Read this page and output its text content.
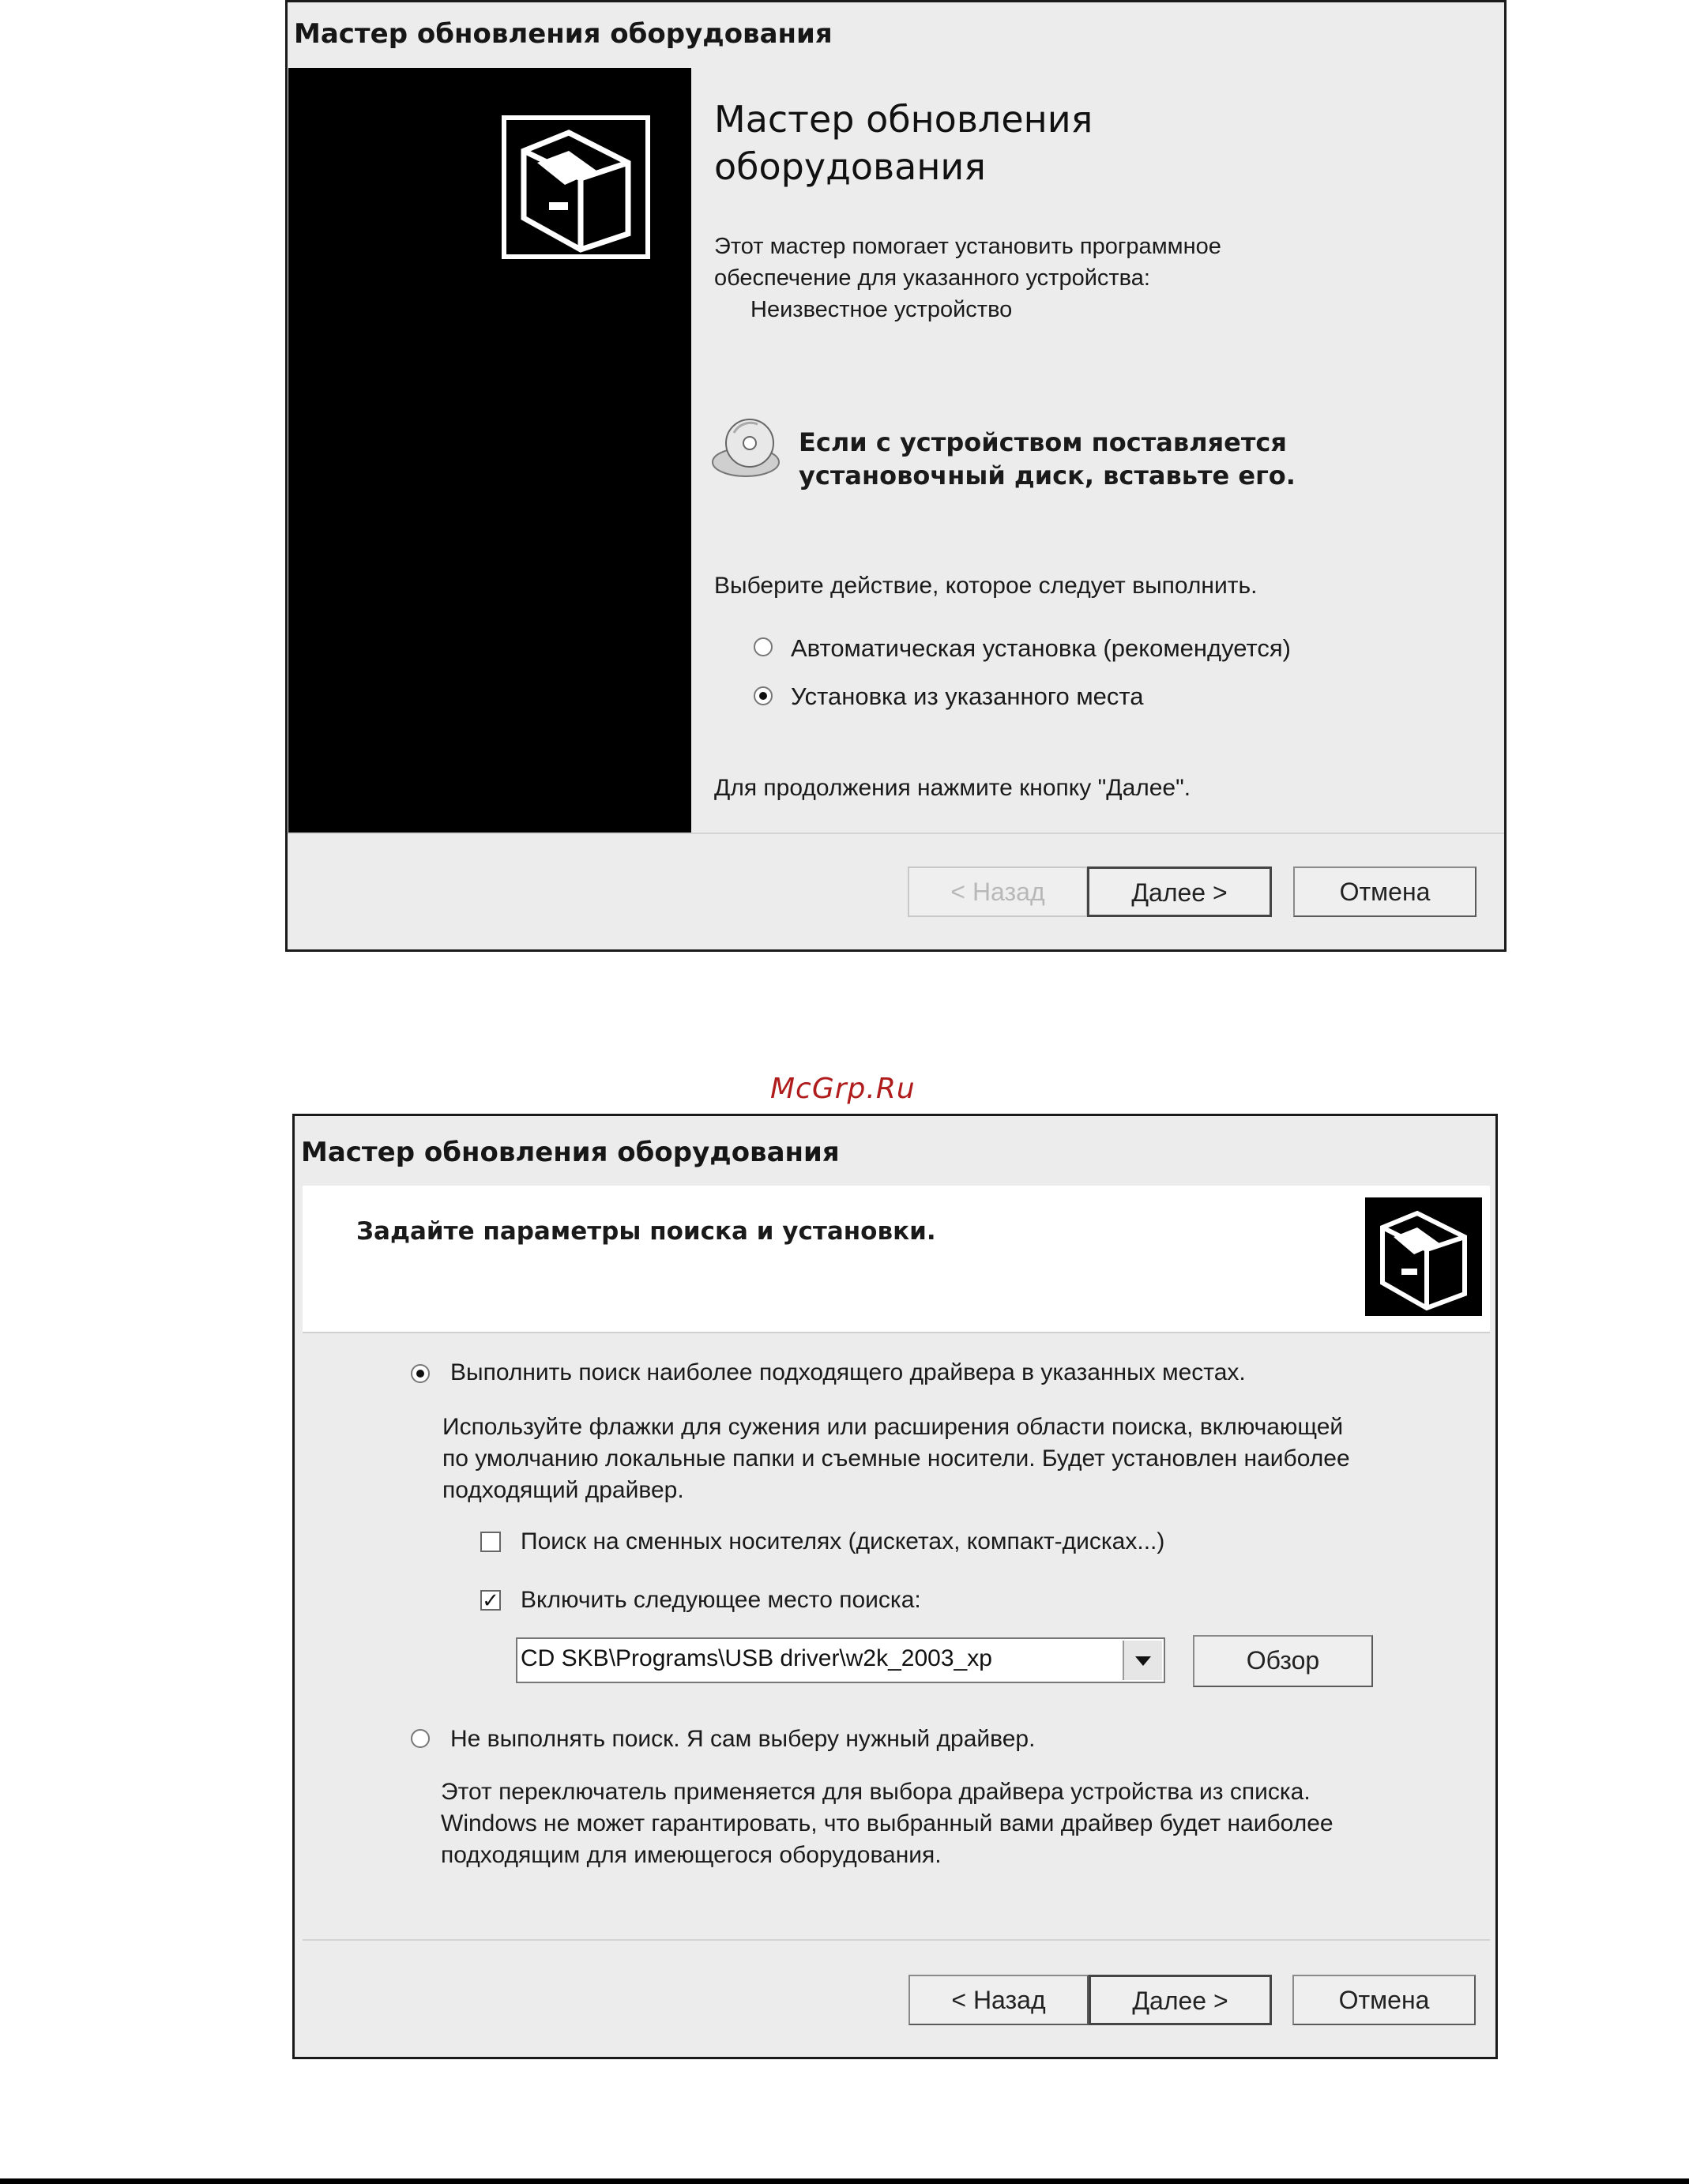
Мастер обновления оборудования
Мастер обновления оборудования
Этот мастер помогает установить программное
обеспечение для указанного устройства:
Неизвестное устройство
Если с устройством поставляется
установочный диск, вставьте его.
Выберите действие, которое следует выполнить.
Автоматическая установка (рекомендуется)
Установка из указанного места
Для продолжения нажмите кнопку "Далее".
< Назад	Далее >	Отмена
McGrp.Ru
Мастер обновления оборудования
Задайте параметры поиска и установки.
Выполнить поиск наиболее подходящего драйвера в указанных местах.
Используйте флажки для сужения или расширения области поиска, включающей
по умолчанию локальные папки и съемные носители. Будет установлен наиболее
подходящий драйвер.
Поиск на сменных носителях (дискетах, компакт-дисках...)
✓ Включить следующее место поиска:
CD SKB\Programs\USB driver\w2k_2003_xp	Обзор
Не выполнять поиск. Я сам выберу нужный драйвер.
Этот переключатель применяется для выбора драйвера устройства из списка.
Windows не может гарантировать, что выбранный вами драйвер будет наиболее
подходящим для имеющегося оборудования.
< Назад	Далее >	Отмена
